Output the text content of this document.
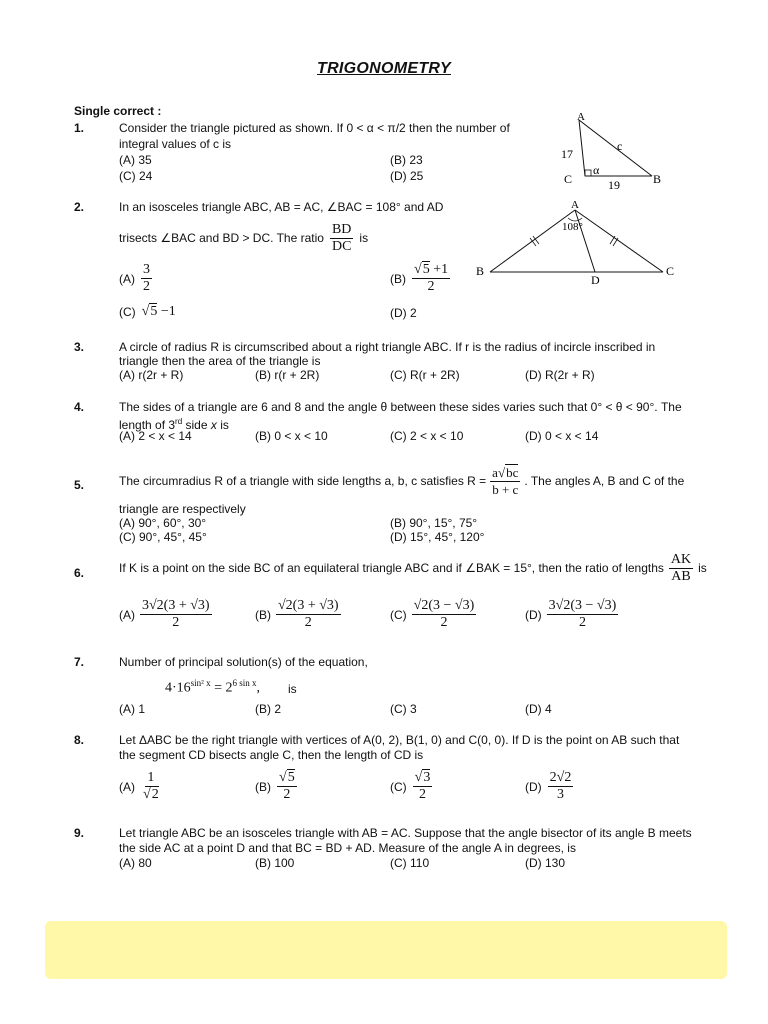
TRIGONOMETRY
Single correct :
1.	Consider the triangle pictured as shown. If 0 < α < π/2 then the number of
integral values of c is
(A) 35	(B) 23
(C) 24	(D) 25
A
17
c
α
C	B
19
2.	In an isosceles triangle ABC, AB = AC, ∠BAC = 108° and AD
trisects ∠BAC and BD > DC. The ratio $\frac{BD}{DC}$ is
$(A) \frac{3}{2}$	$(B) \frac{√5 +1}{2}$
(C) √5 −1	(D) 2
A
108°
B	C
D
3.	A circle of radius R is circumscribed about a right triangle ABC. If r is the radius of incircle inscribed in
triangle then the area of the triangle is
(A) r(2r + R)	(B) r(r + 2R)	(C) R(r + 2R)	(D) R(2r + R)
4.	The sides of a triangle are 6 and 8 and the angle θ between these sides varies such that 0° < θ < 90°. The
length of 3rd side x is
(A) 2 < x < 14	(B) 0 < x < 10	(C) 2 < x < 10	(D) 0 < x < 14
5.	The circumradius R of a triangle with side lengths a, b, c satisfies $R = \frac{a√bc}{b + c}$ . The angles A, B and C of the
triangle are respectively
(A) 90°, 60°, 30°	(B) 90°, 15°, 75°
(C) 90°, 45°, 45°	(D) 15°, 45°, 120°
6.	If K is a point on the side BC of an equilateral triangle ABC and if ∠BAK = 15°, then the ratio of lengths $\frac{AK}{AB}$ is
$(A) \frac{3√2(3 + √3)}{2}$	$(B) \frac{√2(3 + √3)}{2}$	$(C) \frac{√2(3 - √3)}{2}$	$(D) \frac{3√2(3 - √3)}{2}$
7.	Number of principal solution(s) of the equation,
$4\cdot 16^{sin^2 x} = 2^{6 sin x}$, is
(A) 1	(B) 2	(C) 3	(D) 4
8.	Let ΔABC be the right triangle with vertices of A(0, 2), B(1, 0) and C(0, 0). If D is the point on AB such that
the segment CD bisects angle C, then the length of CD is
$(A) \frac{1}{√2}$	$(B) \frac{√5}{2}$	$(C) \frac{√3}{2}$	$(D) \frac{2√2}{3}$
9.	Let triangle ABC be an isosceles triangle with AB = AC. Suppose that the angle bisector of its angle B meets
the side AC at a point D and that BC = BD + AD. Measure of the angle A in degrees, is
(A) 80	(B) 100	(C) 110	(D) 130
